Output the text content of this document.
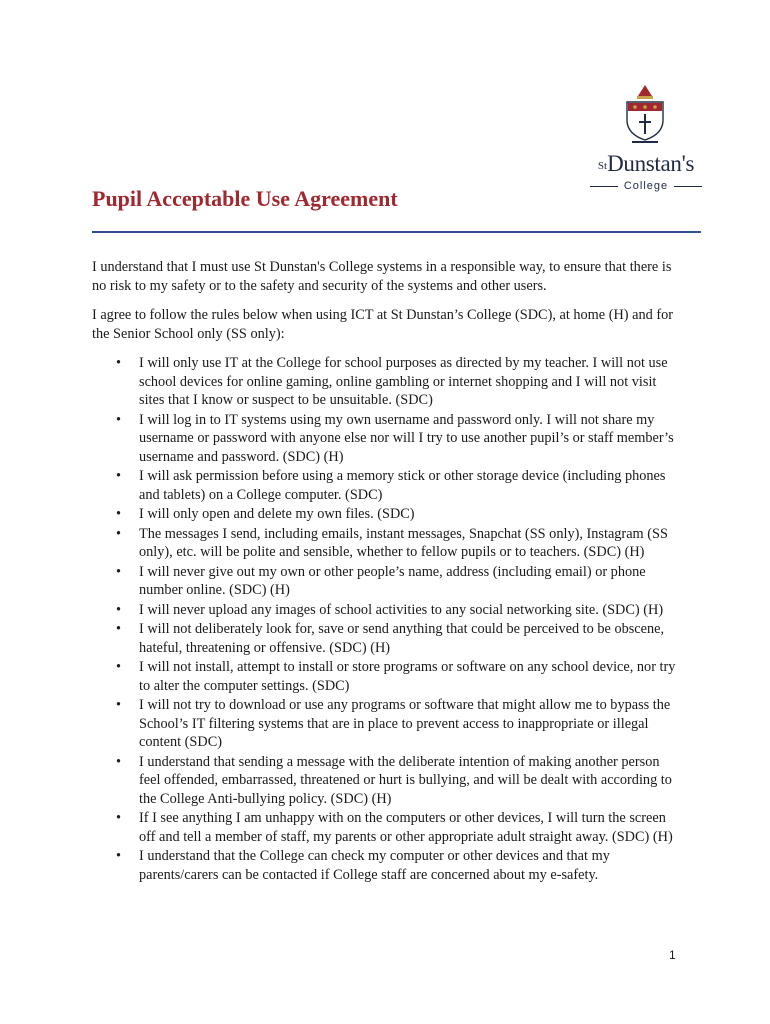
$^{St}$Dunstan's
College
Pupil Acceptable Use Agreement

I understand that I must use St Dunstan's College systems in a responsible way, to ensure that there is no risk to my safety or to the safety and security of the systems and other users.

I agree to follow the rules below when using ICT at St Dunstan’s College (SDC), at home (H) and for the Senior School only (SS only):

• I will only use IT at the College for school purposes as directed by my teacher. I will not use school devices for online gaming, online gambling or internet shopping and I will not visit sites that I know or suspect to be unsuitable. (SDC)
• I will log in to IT systems using my own username and password only. I will not share my username or password with anyone else nor will I try to use another pupil’s or staff member’s username and password. (SDC) (H)
• I will ask permission before using a memory stick or other storage device (including phones and tablets) on a College computer. (SDC)
• I will only open and delete my own files. (SDC)
• The messages I send, including emails, instant messages, Snapchat (SS only), Instagram (SS only), etc. will be polite and sensible, whether to fellow pupils or to teachers. (SDC) (H)
• I will never give out my own or other people’s name, address (including email) or phone number online. (SDC) (H)
• I will never upload any images of school activities to any social networking site. (SDC) (H)
• I will not deliberately look for, save or send anything that could be perceived to be obscene, hateful, threatening or offensive. (SDC) (H)
• I will not install, attempt to install or store programs or software on any school device, nor try to alter the computer settings. (SDC)
• I will not try to download or use any programs or software that might allow me to bypass the School’s IT filtering systems that are in place to prevent access to inappropriate or illegal content (SDC)
• I understand that sending a message with the deliberate intention of making another person feel offended, embarrassed, threatened or hurt is bullying, and will be dealt with according to the College Anti-bullying policy. (SDC) (H)
• If I see anything I am unhappy with on the computers or other devices, I will turn the screen off and tell a member of staff, my parents or other appropriate adult straight away. (SDC) (H)
• I understand that the College can check my computer or other devices and that my parents/carers can be contacted if College staff are concerned about my e-safety.
1
